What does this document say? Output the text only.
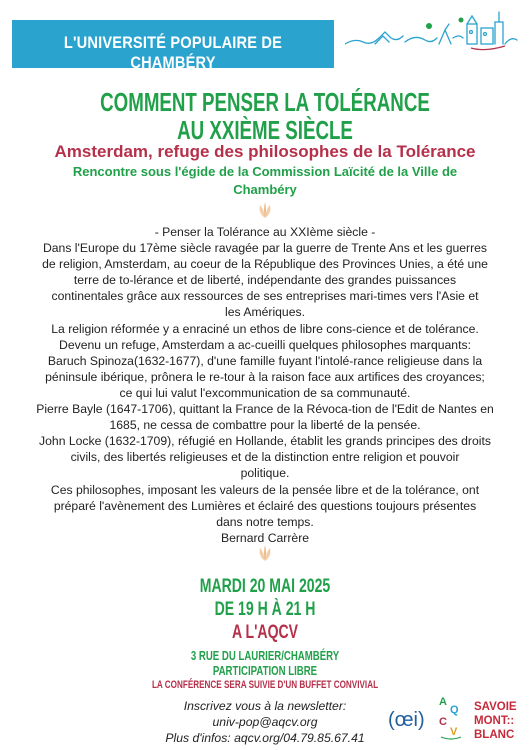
L'UNIVERSITÉ POPULAIRE DE CHAMBÉRY
COMMENT PENSER LA TOLÉRANCE
AU XXIÈME SIÈCLE
Amsterdam, refuge des philosophes de la Tolérance
Rencontre sous l'égide de la Commission Laïcité de la Ville de
Chambéry
- Penser la Tolérance au XXIème siècle -
Dans l'Europe du 17ème siècle ravagée par la guerre de Trente Ans et les guerres
de religion, Amsterdam, au coeur de la République des Provinces Unies, a été une
terre de to-lérance et de liberté, indépendante des grandes puissances
continentales grâce aux ressources de ses entreprises mari-times vers l'Asie et
les Amériques.
La religion réformée y a enraciné un ethos de libre cons-cience et de tolérance.
Devenu un refuge, Amsterdam a ac-cueilli quelques philosophes marquants:
Baruch Spinoza(1632-1677), d'une famille fuyant l'intolé-rance religieuse dans la
péninsule ibérique, prônera le re-tour à la raison face aux artifices des croyances;
ce qui lui valut l'excommunication de sa communauté.
Pierre Bayle (1647-1706), quittant la France de la Révoca-tion de l'Edit de Nantes en
1685, ne cessa de combattre pour la liberté de la pensée.
John Locke (1632-1709), réfugié en Hollande, établit les grands principes des droits
civils, des libertés religieuses et de la distinction entre religion et pouvoir
politique.
Ces philosophes, imposant les valeurs de la pensée libre et de la tolérance, ont
préparé l'avènement des Lumières et éclairé des questions toujours présentes
dans notre temps.
Bernard Carrère
MARDI 20 MAI 2025
DE 19 H À 21 H
A L'AQCV
3 RUE DU LAURIER/CHAMBÉRY
PARTICIPATION LIBRE
LA CONFÉRENCE SERA SUIVIE D'UN BUFFET CONVIVIAL
Inscrivez vous à la newsletter:
univ-pop@aqcv.org
Plus d'infos: aqcv.org/04.79.85.67.41
(œi)
A
Q
C
V
SAVOIE
MONT::
BLANC
